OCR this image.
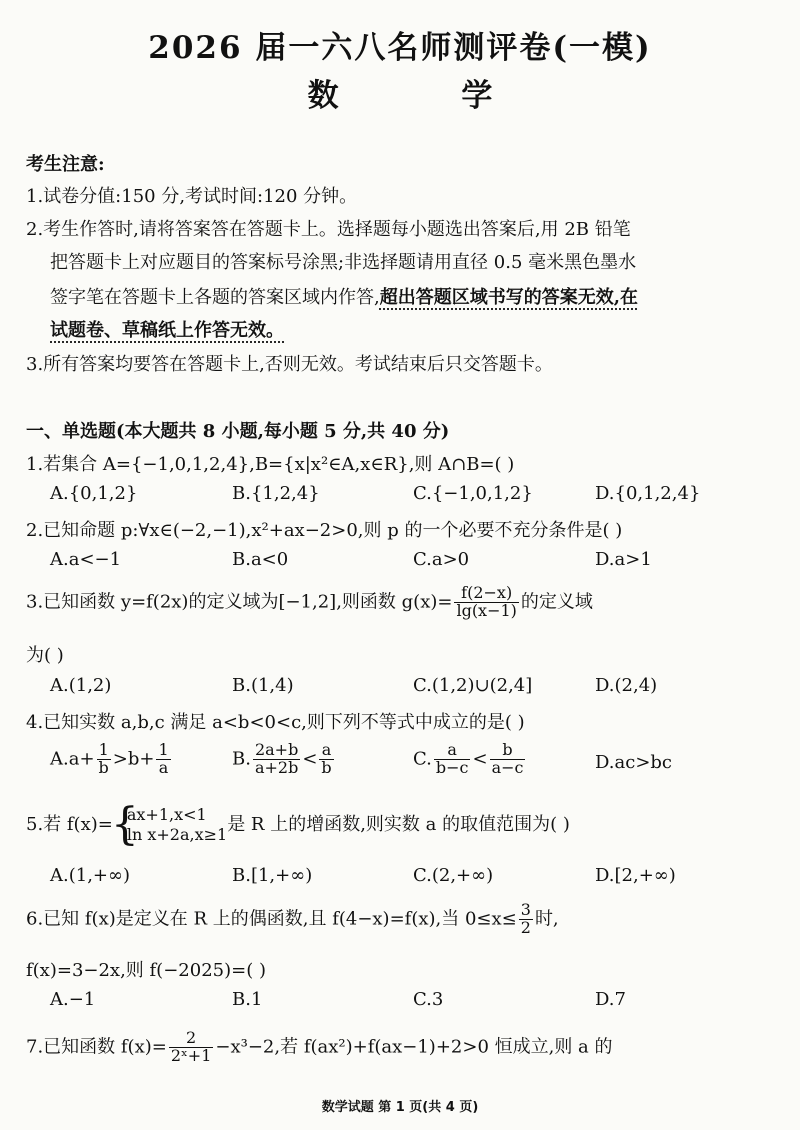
2026 届一六八名师测评卷(一模)
数 学
考生注意:
1.试卷分值:150 分,考试时间:120 分钟。
2.考生作答时,请将答案答在答题卡上。选择题每小题选出答案后,用 2B 铅笔
把答题卡上对应题目的答案标号涂黑;非选择题请用直径 0.5 毫米黑色墨水
签字笔在答题卡上各题的答案区域内作答,超出答题区域书写的答案无效,在
试题卷、草稿纸上作答无效。
3.所有答案均要答在答题卡上,否则无效。考试结束后只交答题卡。
一、单选题(本大题共 8 小题,每小题 5 分,共 40 分)
1.若集合 A={−1,0,1,2,4},B={x|x²∈A,x∈R},则 A∩B=( )
A.{0,1,2}	B.{1,2,4}	C.{−1,0,1,2}	D.{0,1,2,4}
2.已知命题 p:∀x∈(−2,−1),x²+ax−2>0,则 p 的一个必要不充分条件是( )
A.a<−1	B.a<0	C.a>0	D.a>1
3.已知函数 y=f(2x)的定义域为[−1,2],则函数 $g(x)= \frac{f(2-x)}{\lg(x-1)}$ 的定义域
为( )
A.(1,2)	B.(1,4)	C.(1,2)∪(2,4]	D.(2,4)
4.已知实数 a,b,c 满足 a<b<0<c,则下列不等式中成立的是( )
$A.a+ \frac{1}{b} >b+ \frac{1}{a}$	B. $\frac{2a+b}{a+2b} < \frac{a}{b}$	C. $\frac{a}{b-c} < \frac{b}{a-c}$	D.ac>bc
5.若 f(x)= { ax+1,x<1
ln x+2a,x≥1 是 R 上的增函数,则实数 a 的取值范围为( )
A.(1,+∞)	B.[1,+∞)	C.(2,+∞)	D.[2,+∞)
6.已知 f(x)是定义在 R 上的偶函数,且 f(4−x)=f(x),当 $0\le x\le \frac{3}{2}$ 时,
f(x)=3−2x,则 f(−2025)=( )
A.−1	B.1	C.3	D.7
7.已知函数 $f(x)= \frac{2}{\text{2ˣ+1}} -x^3-2$,若 f(ax²)+f(ax−1)+2>0 恒成立,则 a 的
数学试题 第 1 页(共 4 页)
